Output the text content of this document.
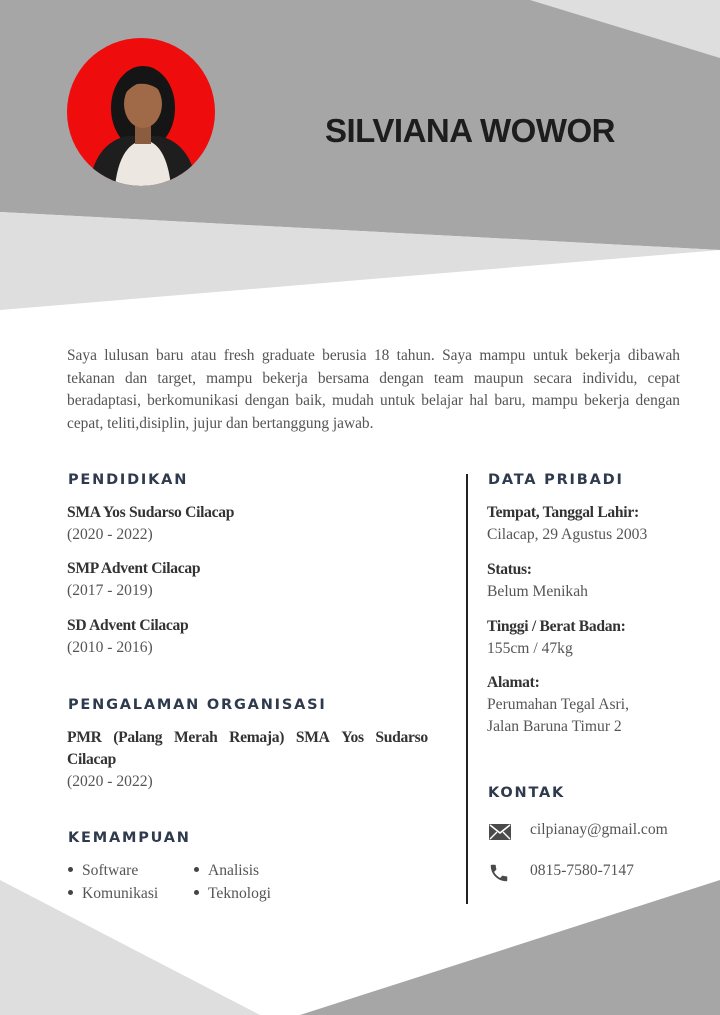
SILVIANA WOWOR

Saya lulusan baru atau fresh graduate berusia 18 tahun. Saya mampu untuk bekerja dibawah tekanan dan target, mampu bekerja bersama dengan team maupun secara individu, cepat beradaptasi, berkomunikasi dengan baik, mudah untuk belajar hal baru, mampu bekerja dengan cepat, teliti,disiplin, jujur dan bertanggung jawab.

PENDIDIKAN
SMA Yos Sudarso Cilacap
(2020 - 2022)
SMP Advent Cilacap
(2017 - 2019)
SD Advent Cilacap
(2010 - 2016)
PENGALAMAN ORGANISASI
PMR (Palang Merah Remaja) SMA Yos Sudarso
Cilacap
(2020 - 2022)
KEMAMPUAN
Software	Analisis
Komunikasi	Teknologi
DATA PRIBADI
Tempat, Tanggal Lahir:
Cilacap, 29 Agustus 2003
Status:
Belum Menikah
Tinggi / Berat Badan:
155cm / 47kg
Alamat:
Perumahan Tegal Asri,
Jalan Baruna Timur 2
KONTAK
cilpianay@gmail.com
0815-7580-7147
